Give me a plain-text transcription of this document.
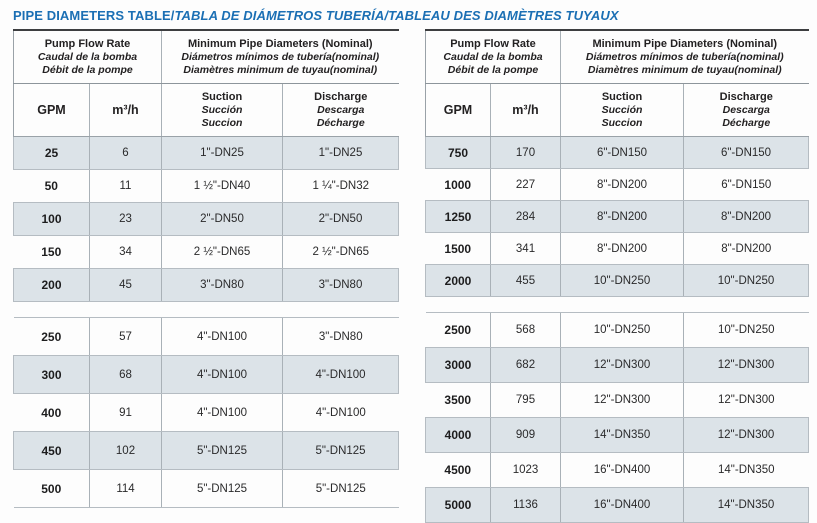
PIPE DIAMETERS TABLE/TABLA DE DIÁMETROS TUBERÍA/TABLEAU DES DIAMÈTRES TUYAUX
Pump Flow Rate
Caudal de la bomba
Débit de la pompe

Minimum Pipe Diameters (Nominal)
Diámetros mínimos de tubería(nominal)
Diamètres minimum de tuyau(nominal)

GPM	m³/h

Suction
Succión
Succion

Discharge
Descarga
Décharge

25	6	1"-DN25	1"-DN25
50	11	1 ½"-DN40	1 ¼"-DN32
100	23	2"-DN50	2"-DN50
150	34	2 ½"-DN65	2 ½"-DN65
200	45	3"-DN80	3"-DN80

250	57	4"-DN100	3"-DN80
300	68	4"-DN100	4"-DN100
400	91	4"-DN100	4"-DN100
450	102	5"-DN125	5"-DN125
500	114	5"-DN125	5"-DN125
Pump Flow Rate
Caudal de la bomba
Débit de la pompe

Minimum Pipe Diameters (Nominal)
Diámetros mínimos de tubería(nominal)
Diamètres minimum de tuyau(nominal)

GPM	m³/h

Suction
Succión
Succion

Discharge
Descarga
Décharge

750	170	6"-DN150	6"-DN150
1000	227	8"-DN200	6"-DN150
1250	284	8"-DN200	8"-DN200
1500	341	8"-DN200	8"-DN200
2000	455	10"-DN250	10"-DN250

2500	568	10"-DN250	10"-DN250
3000	682	12"-DN300	12"-DN300
3500	795	12"-DN300	12"-DN300
4000	909	14"-DN350	12"-DN300
4500	1023	16"-DN400	14"-DN350
5000	1136	16"-DN400	14"-DN350
